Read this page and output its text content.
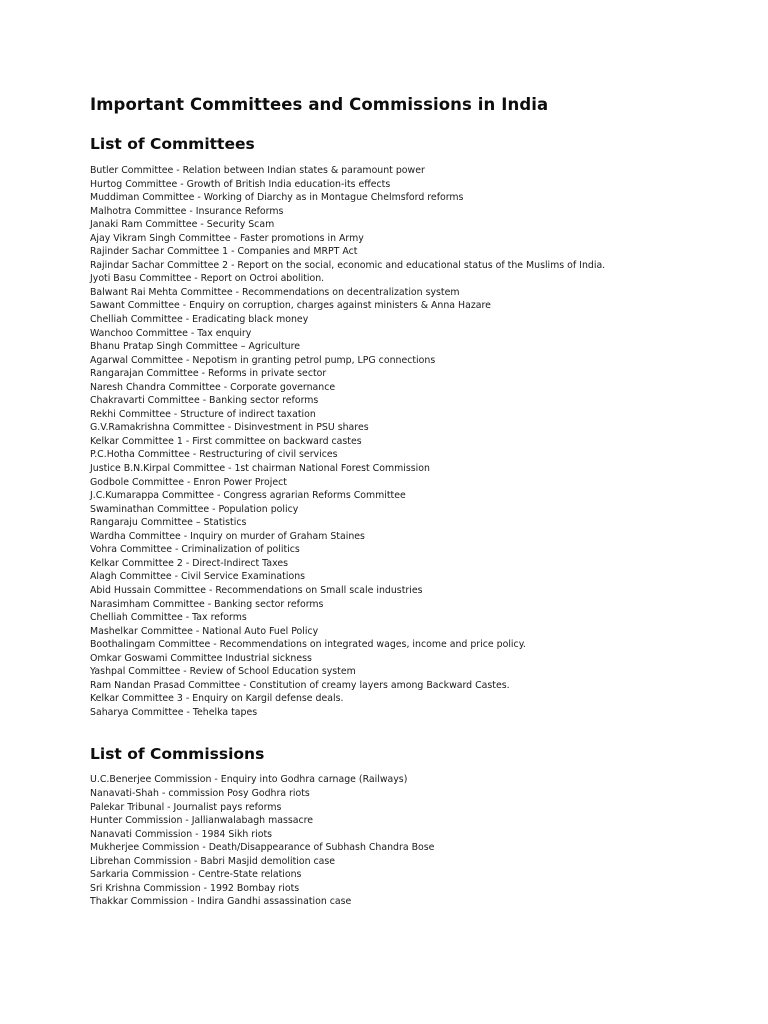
Important Committees and Commissions in India
List of Committees
Butler Committee - Relation between Indian states & paramount power
Hurtog Committee - Growth of British India education-its effects
Muddiman Committee - Working of Diarchy as in Montague Chelmsford reforms
Malhotra Committee - Insurance Reforms
Janaki Ram Committee - Security Scam
Ajay Vikram Singh Committee - Faster promotions in Army
Rajinder Sachar Committee 1 - Companies and MRPT Act
Rajindar Sachar Committee 2 - Report on the social, economic and educational status of the Muslims of India.
Jyoti Basu Committee - Report on Octroi abolition.
Balwant Rai Mehta Committee - Recommendations on decentralization system
Sawant Committee - Enquiry on corruption, charges against ministers & Anna Hazare
Chelliah Committee - Eradicating black money
Wanchoo Committee - Tax enquiry
Bhanu Pratap Singh Committee – Agriculture
Agarwal Committee - Nepotism in granting petrol pump, LPG connections
Rangarajan Committee - Reforms in private sector
Naresh Chandra Committee - Corporate governance
Chakravarti Committee - Banking sector reforms
Rekhi Committee - Structure of indirect taxation
G.V.Ramakrishna Committee - Disinvestment in PSU shares
Kelkar Committee 1 - First committee on backward castes
P.C.Hotha Committee - Restructuring of civil services
Justice B.N.Kirpal Committee - 1st chairman National Forest Commission
Godbole Committee - Enron Power Project
J.C.Kumarappa Committee - Congress agrarian Reforms Committee
Swaminathan Committee - Population policy
Rangaraju Committee – Statistics
Wardha Committee - Inquiry on murder of Graham Staines
Vohra Committee - Criminalization of politics
Kelkar Committee 2 - Direct-Indirect Taxes
Alagh Committee - Civil Service Examinations
Abid Hussain Committee - Recommendations on Small scale industries
Narasimham Committee - Banking sector reforms
Chelliah Committee - Tax reforms
Mashelkar Committee - National Auto Fuel Policy
Boothalingam Committee - Recommendations on integrated wages, income and price policy.
Omkar Goswami Committee Industrial sickness
Yashpal Committee - Review of School Education system
Ram Nandan Prasad Committee - Constitution of creamy layers among Backward Castes.
Kelkar Committee 3 - Enquiry on Kargil defense deals.
Saharya Committee - Tehelka tapes
List of Commissions
U.C.Benerjee Commission - Enquiry into Godhra carnage (Railways)
Nanavati-Shah - commission Posy Godhra riots
Palekar Tribunal - Journalist pays reforms
Hunter Commission - Jallianwalabagh massacre
Nanavati Commission - 1984 Sikh riots
Mukherjee Commission - Death/Disappearance of Subhash Chandra Bose
Librehan Commission - Babri Masjid demolition case
Sarkaria Commission - Centre-State relations
Sri Krishna Commission - 1992 Bombay riots
Thakkar Commission - Indira Gandhi assassination case
